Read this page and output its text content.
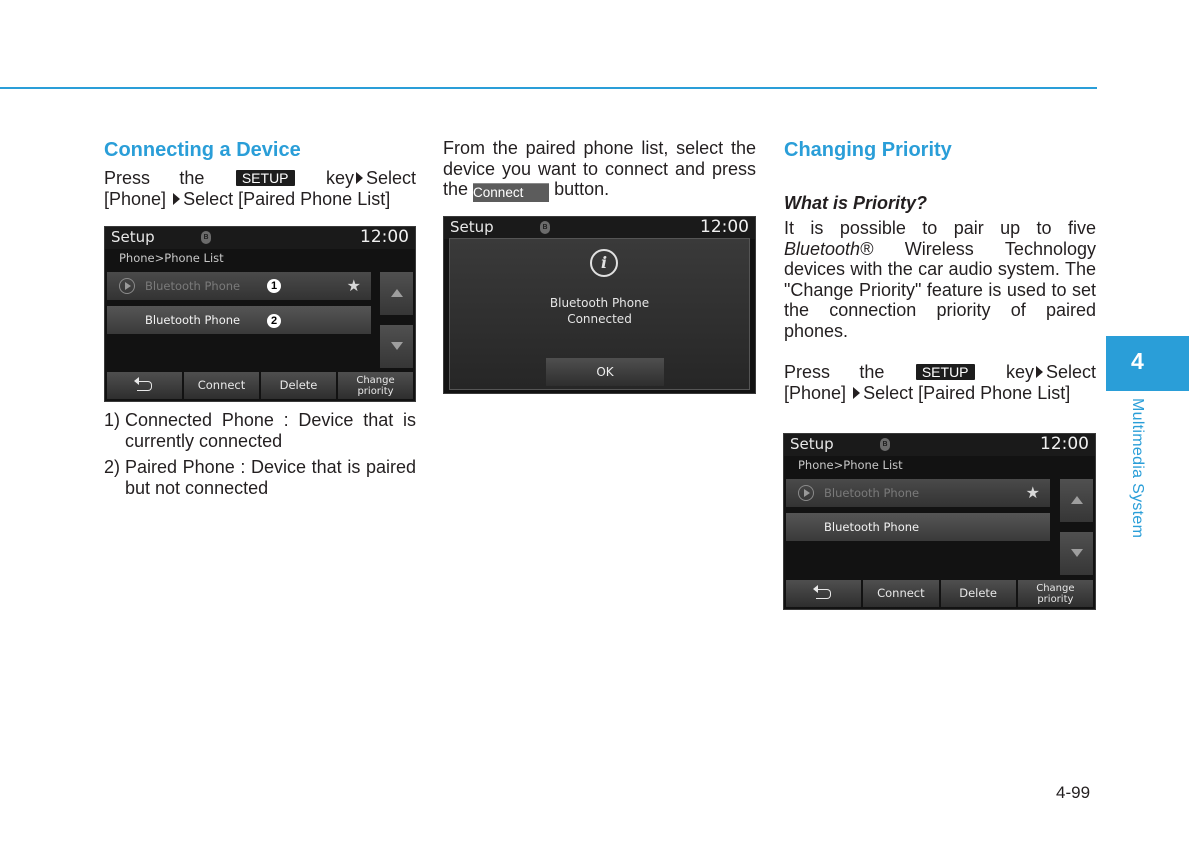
Connecting a Device

Press the	SETUP key Select
[Phone] Select [Paired Phone List]

Setup	ʙ	12:00
Phone>Phone List
Bluetooth Phone	1	★
Bluetooth Phone	2
Connect	Delete	Change priority
1) Connected Phone : Device that is currently connected
2) Paired Phone : Device that is paired but not connected

From the paired phone list, select the device you want to connect and press the Connect button.

Setup	ʙ	12:00
i
Bluetooth Phone
Connected
OK
Changing Priority
What is Priority?

It is possible to pair up to five Bluetooth® Wireless Technology devices with the car audio system. The "Change Priority" feature is used to set the connection priority of paired phones.

Press the	SETUP key Select
[Phone] Select [Paired Phone List]

Setup	ʙ	12:00
Phone>Phone List
Bluetooth Phone	★
Bluetooth Phone
Connect	Delete	Change priority
4
Multimedia System
4-99
